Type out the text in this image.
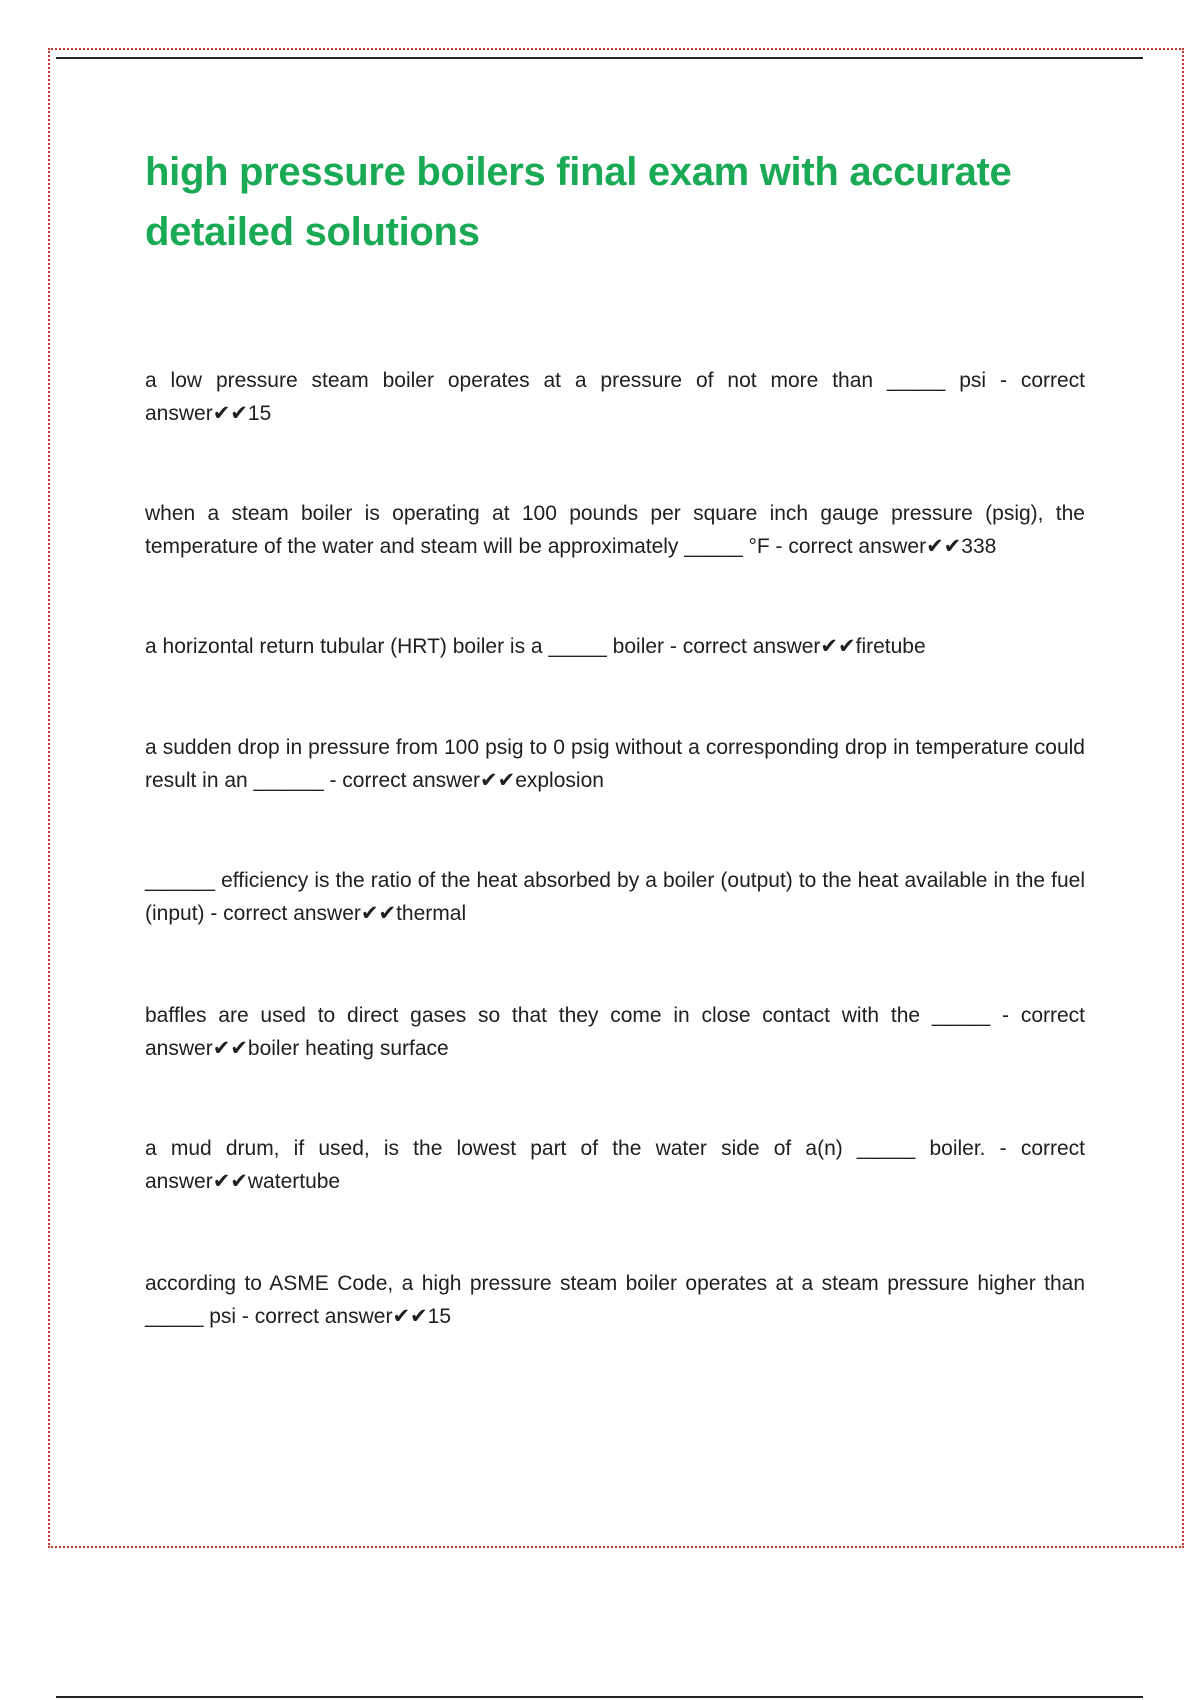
high pressure boilers final exam with accurate detailed solutions

a low pressure steam boiler operates at a pressure of not more than _____ psi - correct answer✔✔15

when a steam boiler is operating at 100 pounds per square inch gauge pressure (psig), the temperature of the water and steam will be approximately _____ °F - correct answer✔✔338

a horizontal return tubular (HRT) boiler is a _____ boiler - correct answer✔✔firetube

a sudden drop in pressure from 100 psig to 0 psig without a corresponding drop in temperature could result in an ______ - correct answer✔✔explosion

______ efficiency is the ratio of the heat absorbed by a boiler (output) to the heat available in the fuel (input) - correct answer✔✔thermal

baffles are used to direct gases so that they come in close contact with the _____ - correct answer✔✔boiler heating surface

a mud drum, if used, is the lowest part of the water side of a(n) _____ boiler. - correct answer✔✔watertube

according to ASME Code, a high pressure steam boiler operates at a steam pressure higher than _____ psi - correct answer✔✔15
